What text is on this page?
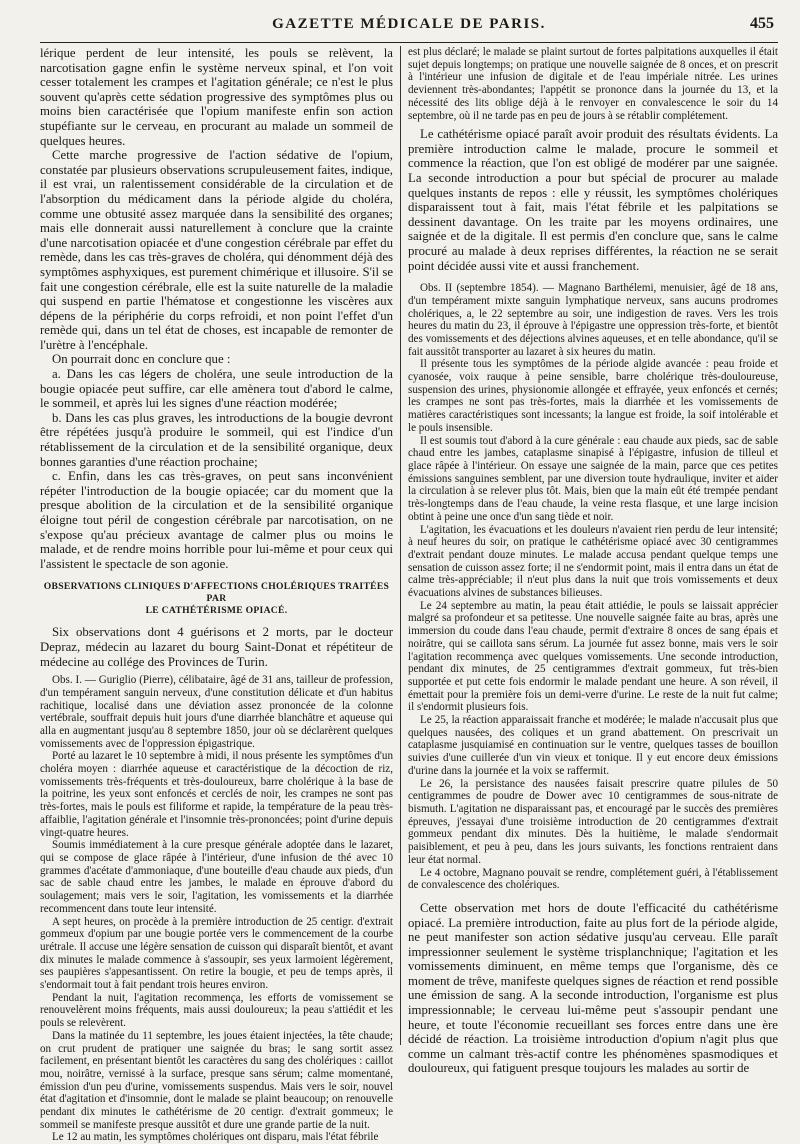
GAZETTE MÉDICALE DE PARIS.	455

lérique perdent de leur intensité, les pouls se relèvent, la narcotisation gagne enfin le système nerveux spinal, et l'on voit cesser totalement les crampes et l'agitation générale; ce n'est le plus souvent qu'après cette sédation progressive des symptômes plus ou moins bien caractérisée que l'opium manifeste enfin son action stupéfiante sur le cerveau, en procurant au malade un sommeil de quelques heures.

Cette marche progressive de l'action sédative de l'opium, constatée par plusieurs observations scrupuleusement faites, indique, il est vrai, un ralentissement considérable de la circulation et de l'absorption du médicament dans la période algide du choléra, comme une obtusité assez marquée dans la sensibilité des organes; mais elle donnerait aussi naturellement à conclure que la crainte d'une narcotisation opiacée et d'une congestion cérébrale par effet du remède, dans les cas très-graves de choléra, qui dénomment déjà des symptômes asphyxiques, est purement chimérique et illusoire. S'il se fait une congestion cérébrale, elle est la suite naturelle de la maladie qui suspend en partie l'hématose et congestionne les viscères aux dépens de la périphérie du corps refroidi, et non point l'effet d'un remède qui, dans un tel état de choses, est incapable de remonter de l'urètre à l'encéphale.

On pourrait donc en conclure que :

a. Dans les cas légers de choléra, une seule introduction de la bougie opiacée peut suffire, car elle amènera tout d'abord le calme, le sommeil, et après lui les signes d'une réaction modérée;

b. Dans les cas plus graves, les introductions de la bougie devront être répétées jusqu'à produire le sommeil, qui est l'indice d'un rétablissement de la circulation et de la sensibilité organique, deux bonnes garanties d'une réaction prochaine;

c. Enfin, dans les cas très-graves, on peut sans inconvénient répéter l'introduction de la bougie opiacée; car du moment que la presque abolition de la circulation et de la sensibilité organique éloigne tout péril de congestion cérébrale par narcotisation, on ne s'expose qu'au précieux avantage de calmer plus ou moins le malade, et de rendre moins horrible pour lui-même et pour ceux qui l'assistent le spectacle de son agonie.

OBSERVATIONS CLINIQUES D'AFFECTIONS CHOLÉRIQUES TRAITÉES PAR
LE CATHÉTÉRISME OPIACÉ.

Six observations dont 4 guérisons et 2 morts, par le docteur Depraz, médecin au lazaret du bourg Saint-Donat et répétiteur de médecine au collége des Provinces de Turin.

Obs. I. — Guriglio (Pierre), célibataire, âgé de 31 ans, tailleur de profession, d'un tempérament sanguin nerveux, d'une constitution délicate et d'un habitus rachitique, localisé dans une déviation assez prononcée de la colonne vertébrale, souffrait depuis huit jours d'une diarrhée blanchâtre et aqueuse qui alla en augmentant jusqu'au 8 septembre 1850, jour où se déclarèrent quelques vomissements avec de l'oppression épigastrique.

Porté au lazaret le 10 septembre à midi, il nous présente les symptômes d'un choléra moyen : diarrhée aqueuse et caractéristique de la décoction de riz, vomissements très-fréquents et très-douloureux, barre cholérique à la base de la poitrine, les yeux sont enfoncés et cerclés de noir, les crampes ne sont pas très-fortes, mais le pouls est filiforme et rapide, la température de la peau très-affaiblie, l'agitation générale et l'insomnie très-prononcées; point d'urine depuis vingt-quatre heures.

Soumis immédiatement à la cure presque générale adoptée dans le lazaret, qui se compose de glace râpée à l'intérieur, d'une infusion de thé avec 10 grammes d'acétate d'ammoniaque, d'une bouteille d'eau chaude aux pieds, d'un sac de sable chaud entre les jambes, le malade en éprouve d'abord du soulagement; mais vers le soir, l'agitation, les vomissements et la diarrhée recommencent dans toute leur intensité.

A sept heures, on procède à la première introduction de 25 centigr. d'extrait gommeux d'opium par une bougie portée vers le commencement de la courbe urétrale. Il accuse une légère sensation de cuisson qui disparaît bientôt, et avant dix minutes le malade commence à s'assoupir, ses yeux larmoient légèrement, ses paupières s'appesantissent. On retire la bougie, et peu de temps après, il s'endormait tout à fait pendant trois heures environ.

Pendant la nuit, l'agitation recommença, les efforts de vomissement se renouvelèrent moins fréquents, mais aussi douloureux; la peau s'attiédit et les pouls se relevèrent.

Dans la matinée du 11 septembre, les joues étaient injectées, la tête chaude; on crut prudent de pratiquer une saignée du bras; le sang sortit assez facilement, en présentant bientôt les caractères du sang des cholériques : caillot mou, noirâtre, vernissé à la surface, presque sans sérum; calme momentané, émission d'un peu d'urine, vomissements suspendus. Mais vers le soir, nouvel état d'agitation et d'insomnie, dont le malade se plaint beaucoup; on renouvelle pendant dix minutes le cathétérisme de 20 centigr. d'extrait gommeux; le sommeil se manifeste presque aussitôt et dure une grande partie de la nuit.

Le 12 au matin, les symptômes cholériques ont disparu, mais l'état fébrile

est plus déclaré; le malade se plaint surtout de fortes palpitations auxquelles il était sujet depuis longtemps; on pratique une nouvelle saignée de 8 onces, et on prescrit à l'intérieur une infusion de digitale et de l'eau impériale nitrée. Les urines deviennent très-abondantes; l'appétit se prononce dans la journée du 13, et la nécessité des lits oblige déjà à le renvoyer en convalescence le soir du 14 septembre, où il ne tarde pas en peu de jours à se rétablir complétement.

Le cathétérisme opiacé paraît avoir produit des résultats évidents. La première introduction calme le malade, procure le sommeil et commence la réaction, que l'on est obligé de modérer par une saignée. La seconde introduction a pour but spécial de procurer au malade quelques instants de repos : elle y réussit, les symptômes cholériques disparaissent tout à fait, mais l'état fébrile et les palpitations se dessinent davantage. On les traite par les moyens ordinaires, une saignée et de la digitale. Il est permis d'en conclure que, sans le calme procuré au malade à deux reprises différentes, la réaction ne se serait point décidée aussi vite et aussi franchement.

Obs. II (septembre 1854). — Magnano Barthélemi, menuisier, âgé de 18 ans, d'un tempérament mixte sanguin lymphatique nerveux, sans aucuns prodromes cholériques, a, le 22 septembre au soir, une indigestion de raves. Vers les trois heures du matin du 23, il éprouve à l'épigastre une oppression très-forte, et bientôt des vomissements et des déjections alvines aqueuses, et en telle abondance, qu'il se fait aussitôt transporter au lazaret à six heures du matin.

Il présente tous les symptômes de la période algide avancée : peau froide et cyanosée, voix rauque à peine sensible, barre cholérique très-douloureuse, suspension des urines, physionomie allongée et effrayée, yeux enfoncés et cernés; les crampes ne sont pas très-fortes, mais la diarrhée et les vomissements de matières caractéristiques sont incessants; la langue est froide, la soif intolérable et le pouls insensible.

Il est soumis tout d'abord à la cure générale : eau chaude aux pieds, sac de sable chaud entre les jambes, cataplasme sinapisé à l'épigastre, infusion de tilleul et glace râpée à l'intérieur. On essaye une saignée de la main, parce que ces petites émissions sanguines semblent, par une diversion toute hydraulique, inviter et aider la circulation à se relever plus tôt. Mais, bien que la main eût été trempée pendant très-longtemps dans de l'eau chaude, la veine resta flasque, et une large incision obtint à peine une once d'un sang tiède et noir.

L'agitation, les évacuations et les douleurs n'avaient rien perdu de leur intensité; à neuf heures du soir, on pratique le cathétérisme opiacé avec 30 centigrammes d'extrait pendant douze minutes. Le malade accusa pendant quelque temps une sensation de cuisson assez forte; il ne s'endormit point, mais il entra dans un état de calme très-appréciable; il n'eut plus dans la nuit que trois vomissements et deux évacuations alvines de substances bilieuses.

Le 24 septembre au matin, la peau était attiédie, le pouls se laissait apprécier malgré sa profondeur et sa petitesse. Une nouvelle saignée faite au bras, après une immersion du coude dans l'eau chaude, permit d'extraire 8 onces de sang épais et noirâtre, qui se caillota sans sérum. La journée fut assez bonne, mais vers le soir l'agitation recommença avec quelques vomissements. Une seconde introduction, pendant dix minutes, de 25 centigrammes d'extrait gommeux, fut très-bien supportée et put cette fois endormir le malade pendant une heure. A son réveil, il émettait pour la première fois un demi-verre d'urine. Le reste de la nuit fut calme; il s'endormit plusieurs fois.

Le 25, la réaction apparaissait franche et modérée; le malade n'accusait plus que quelques nausées, des coliques et un grand abattement. On prescrivait un cataplasme jusquiamisé en continuation sur le ventre, quelques tasses de bouillon suivies d'une cuillerée d'un vin vieux et tonique. Il y eut encore deux émissions d'urine dans la journée et la voix se raffermit.

Le 26, la persistance des nausées faisait prescrire quatre pilules de 50 centigrammes de poudre de Dower avec 10 centigrammes de sous-nitrate de bismuth. L'agitation ne disparaissant pas, et encouragé par le succès des premières épreuves, j'essayai d'une troisième introduction de 20 centigrammes d'extrait gommeux pendant dix minutes. Dès la huitième, le malade s'endormait paisiblement, et peu à peu, dans les jours suivants, les fonctions rentraient dans leur état normal.

Le 4 octobre, Magnano pouvait se rendre, complétement guéri, à l'établissement de convalescence des cholériques.

Cette observation met hors de doute l'efficacité du cathétérisme opiacé. La première introduction, faite au plus fort de la période algide, ne peut manifester son action sédative jusqu'au cerveau. Elle paraît impressionner seulement le système trisplanchnique; l'agitation et les vomissements diminuent, en même temps que l'organisme, dès ce moment de trêve, manifeste quelques signes de réaction et rend possible une émission de sang. A la seconde introduction, l'organisme est plus impressionnable; le cerveau lui-même peut s'assoupir pendant une heure, et toute l'économie recueillant ses forces entre dans une ère décidé de réaction. La troisième introduction d'opium n'agit plus que comme un calmant très-actif contre les phénomènes spasmodiques et douloureux, qui fatiguent presque toujours les malades au sortir de
